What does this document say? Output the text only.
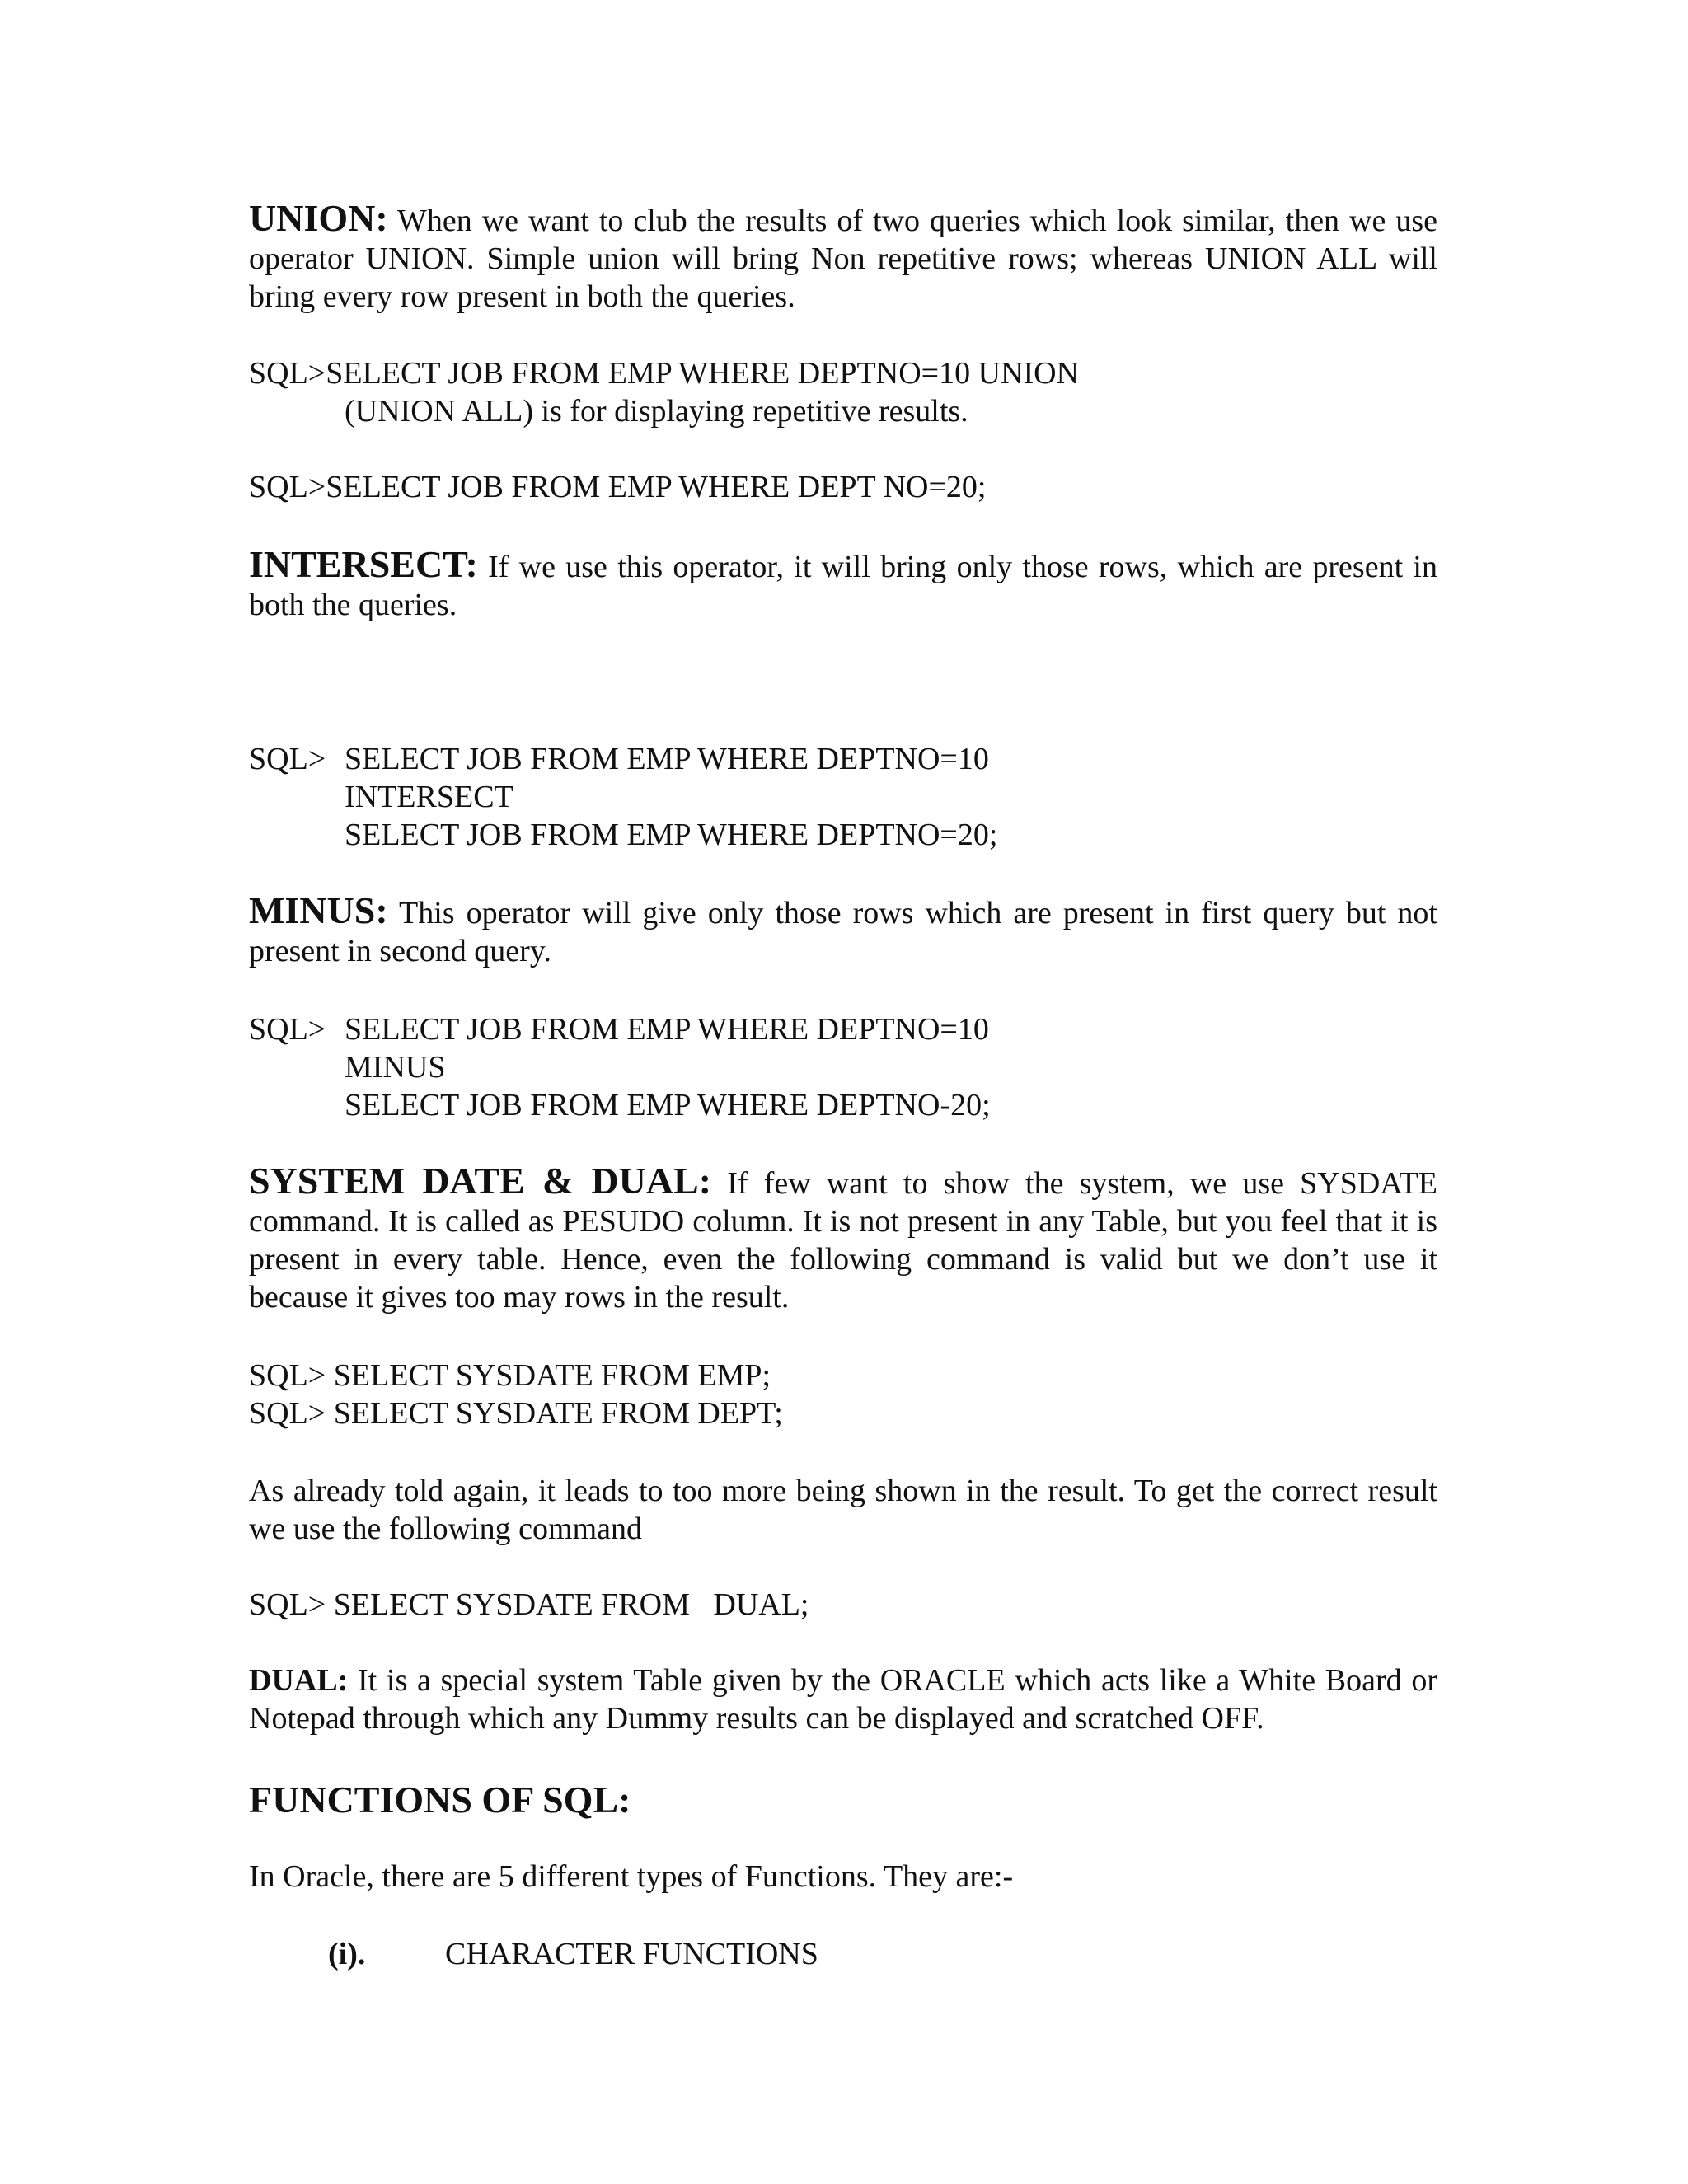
UNION: When we want to club the results of two queries which look similar, then we use operator UNION. Simple union will bring Non repetitive rows; whereas UNION ALL will bring every row present in both the queries.

SQL>SELECT JOB FROM EMP WHERE DEPTNO=10 UNION
(UNION ALL) is for displaying repetitive results.
SQL>SELECT JOB FROM EMP WHERE DEPT NO=20;

INTERSECT: If we use this operator, it will bring only those rows, which are present in both the queries.

SQL> SELECT JOB FROM EMP WHERE DEPTNO=10
INTERSECT
SELECT JOB FROM EMP WHERE DEPTNO=20;

MINUS: This operator will give only those rows which are present in first query but not present in second query.

SQL> SELECT JOB FROM EMP WHERE DEPTNO=10
MINUS
SELECT JOB FROM EMP WHERE DEPTNO-20;

SYSTEM DATE & DUAL: If few want to show the system, we use SYSDATE command. It is called as PESUDO column. It is not present in any Table, but you feel that it is present in every table. Hence, even the following command is valid but we don’t use it because it gives too may rows in the result.

SQL> SELECT SYSDATE FROM EMP;
SQL> SELECT SYSDATE FROM DEPT;

As already told again, it leads to too more being shown in the result. To get the correct result we use the following command

SQL> SELECT SYSDATE FROM   DUAL;

DUAL: It is a special system Table given by the ORACLE which acts like a White Board or Notepad through which any Dummy results can be displayed and scratched OFF.

FUNCTIONS OF SQL:
In Oracle, there are 5 different types of Functions. They are:-
(i).	CHARACTER FUNCTIONS
